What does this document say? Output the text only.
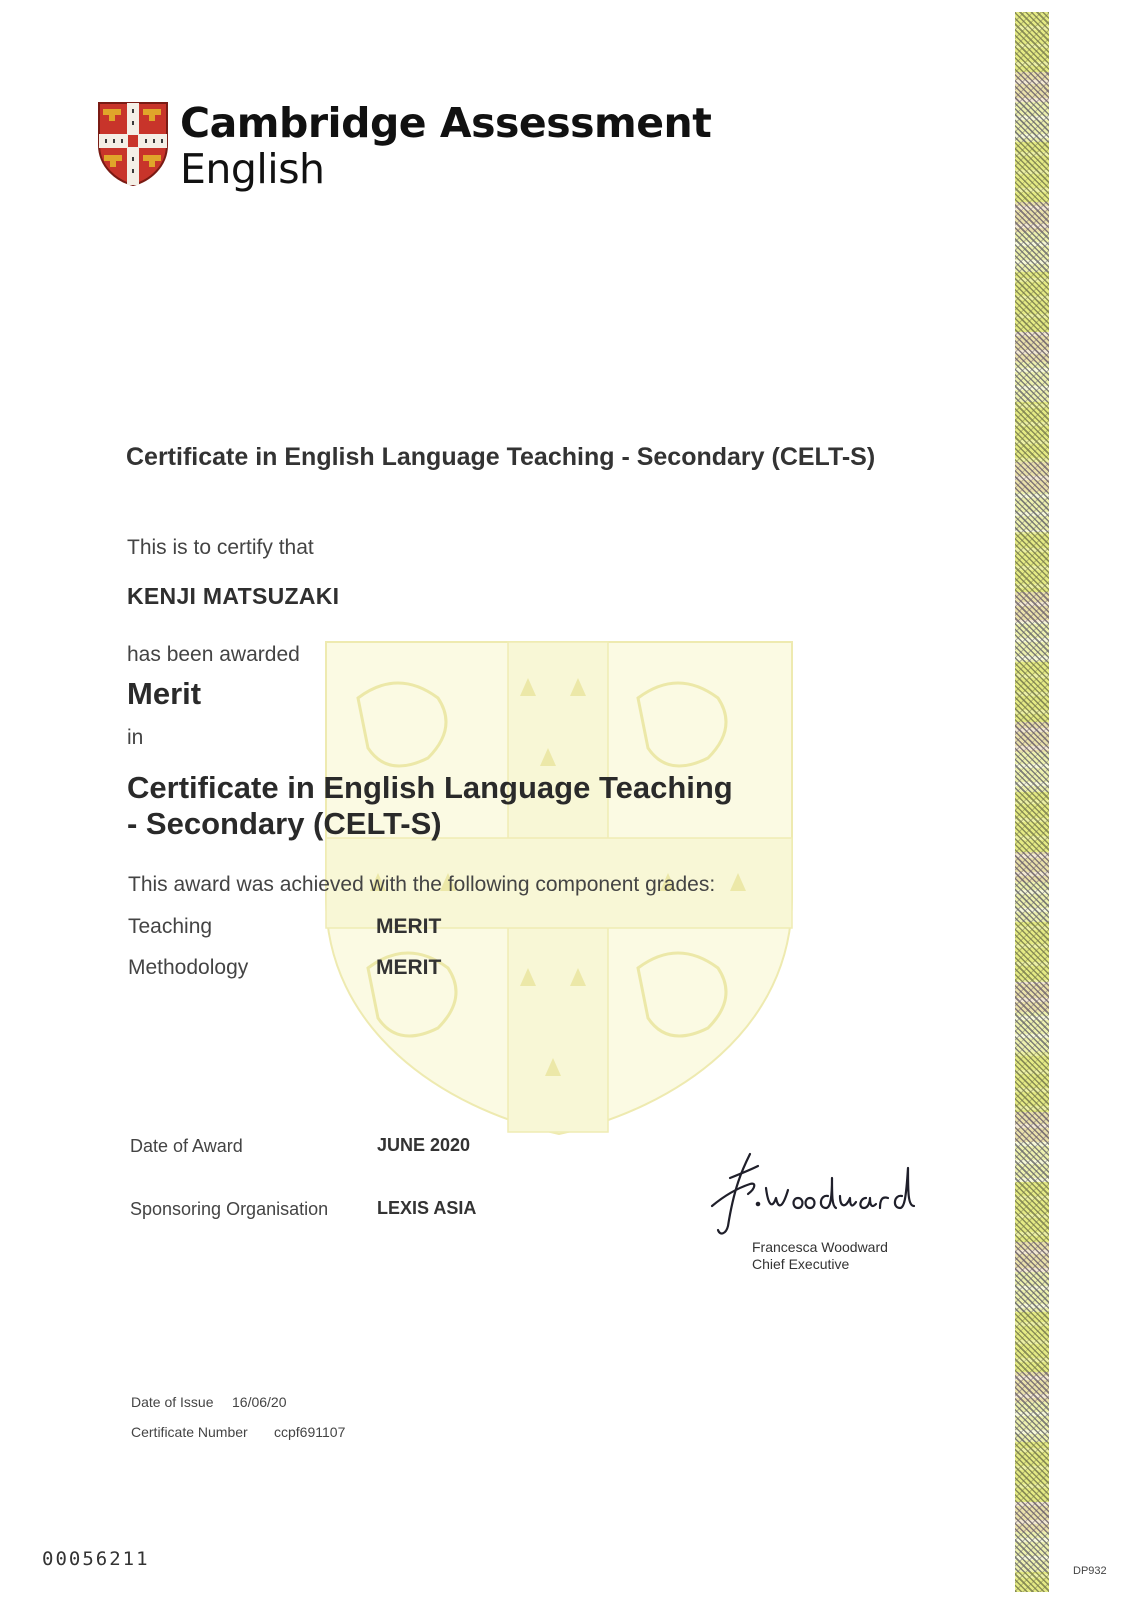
Cambridge Assessment
English
Certificate in English Language Teaching - Secondary (CELT-S)
This is to certify that
KENJI MATSUZAKI
has been awarded
Merit
in
Certificate in English Language Teaching
- Secondary (CELT-S)
This award was achieved with the following component grades:
Teaching	MERIT
Methodology	MERIT
Date of Award	JUNE 2020
Sponsoring Organisation	LEXIS ASIA
Francesca Woodward
Chief Executive
Date of Issue 16/06/20
Certificate Number ccpf691107
00056211
DP932
